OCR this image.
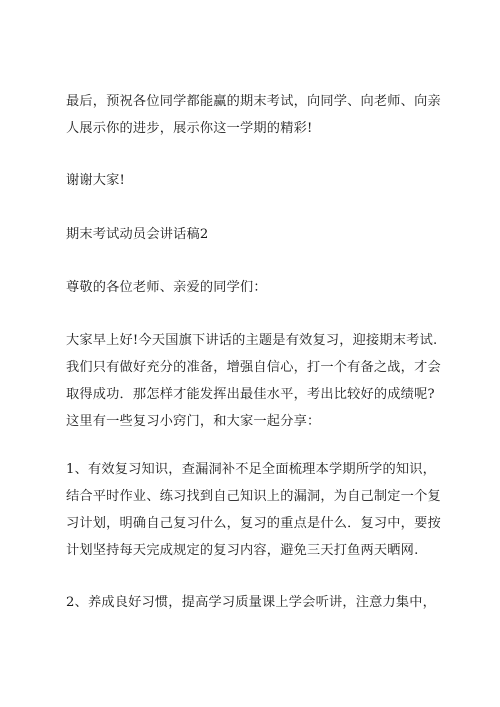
最后，预祝各位同学都能赢的期末考试，向同学、向老师、向亲
人展示你的进步，展示你这一学期的精彩!

谢谢大家!

期末考试动员会讲话稿2

尊敬的各位老师、亲爱的同学们：

大家早上好!今天国旗下讲话的主题是有效复习，迎接期末考试.
我们只有做好充分的准备，增强自信心，打一个有备之战，才会
取得成功．那怎样才能发挥出最佳水平，考出比较好的成绩呢?
这里有一些复习小窍门，和大家一起分享：

1、有效复习知识，查漏洞补不足全面梳理本学期所学的知识，
结合平时作业、练习找到自己知识上的漏洞，为自己制定一个复
习计划，明确自己复习什么，复习的重点是什么．复习中，要按
计划坚持每天完成规定的复习内容，避免三天打鱼两天晒网.

2、养成良好习惯，提高学习质量课上学会听讲，注意力集中，
